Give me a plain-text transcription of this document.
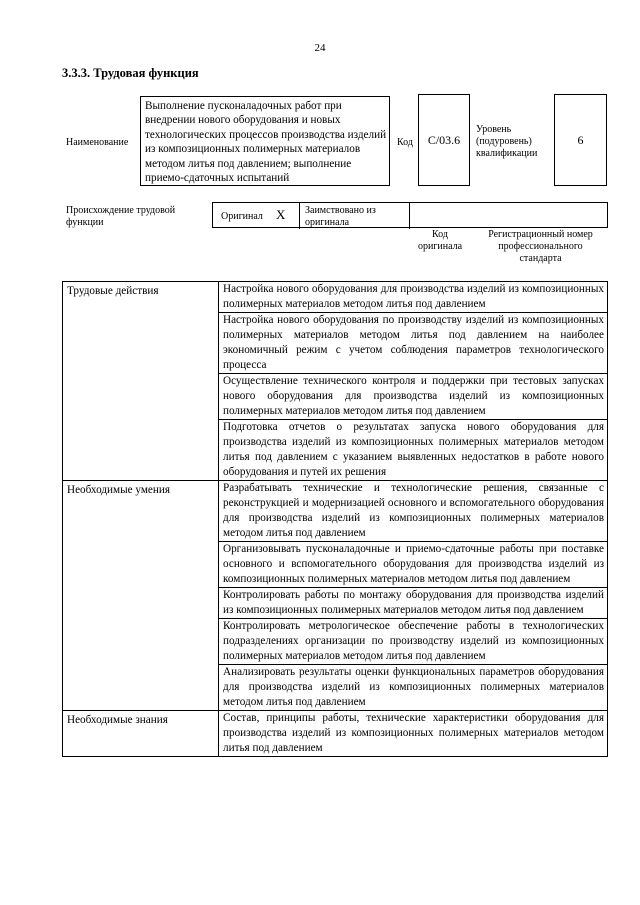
24
3.3.3. Трудовая функция
Наименование
Выполнение пусконаладочных работ при внедрении нового оборудования и новых технологических процессов производства изделий из композиционных полимерных материалов методом литья под давлением; выполнение приемо-сдаточных испытаний
Код C/03.6
Уровень (подуровень) квалификации
6
Происхождение трудовой функции
Оригинал X Заимствовано из оригинала
Код оригинала
Регистрационный номер профессионального стандарта
Трудовые действия	Настройка нового оборудования для производства изделий из композиционных полимерных материалов методом литья под давлением
	Настройка нового оборудования по производству изделий из композиционных полимерных материалов методом литья под давлением на наиболее экономичный режим с учетом соблюдения параметров технологического процесса
	Осуществление технического контроля и поддержки при тестовых запусках нового оборудования для производства изделий из композиционных полимерных материалов методом литья под давлением
	Подготовка отчетов о результатах запуска нового оборудования для производства изделий из композиционных полимерных материалов методом литья под давлением с указанием выявленных недостатков в работе нового оборудования и путей их решения
Необходимые умения	Разрабатывать технические и технологические решения, связанные с реконструкцией и модернизацией основного и вспомогательного оборудования для производства изделий из композиционных полимерных материалов методом литья под давлением
	Организовывать пусконаладочные и приемо-сдаточные работы при поставке основного и вспомогательного оборудования для производства изделий из композиционных полимерных материалов методом литья под давлением
	Контролировать работы по монтажу оборудования для производства изделий из композиционных полимерных материалов методом литья под давлением
	Контролировать метрологическое обеспечение работы в технологических подразделениях организации по производству изделий из композиционных полимерных материалов методом литья под давлением
	Анализировать результаты оценки функциональных параметров оборудования для производства изделий из композиционных полимерных материалов методом литья под давлением
Необходимые знания	Состав, принципы работы, технические характеристики оборудования для производства изделий из композиционных полимерных материалов методом литья под давлением
